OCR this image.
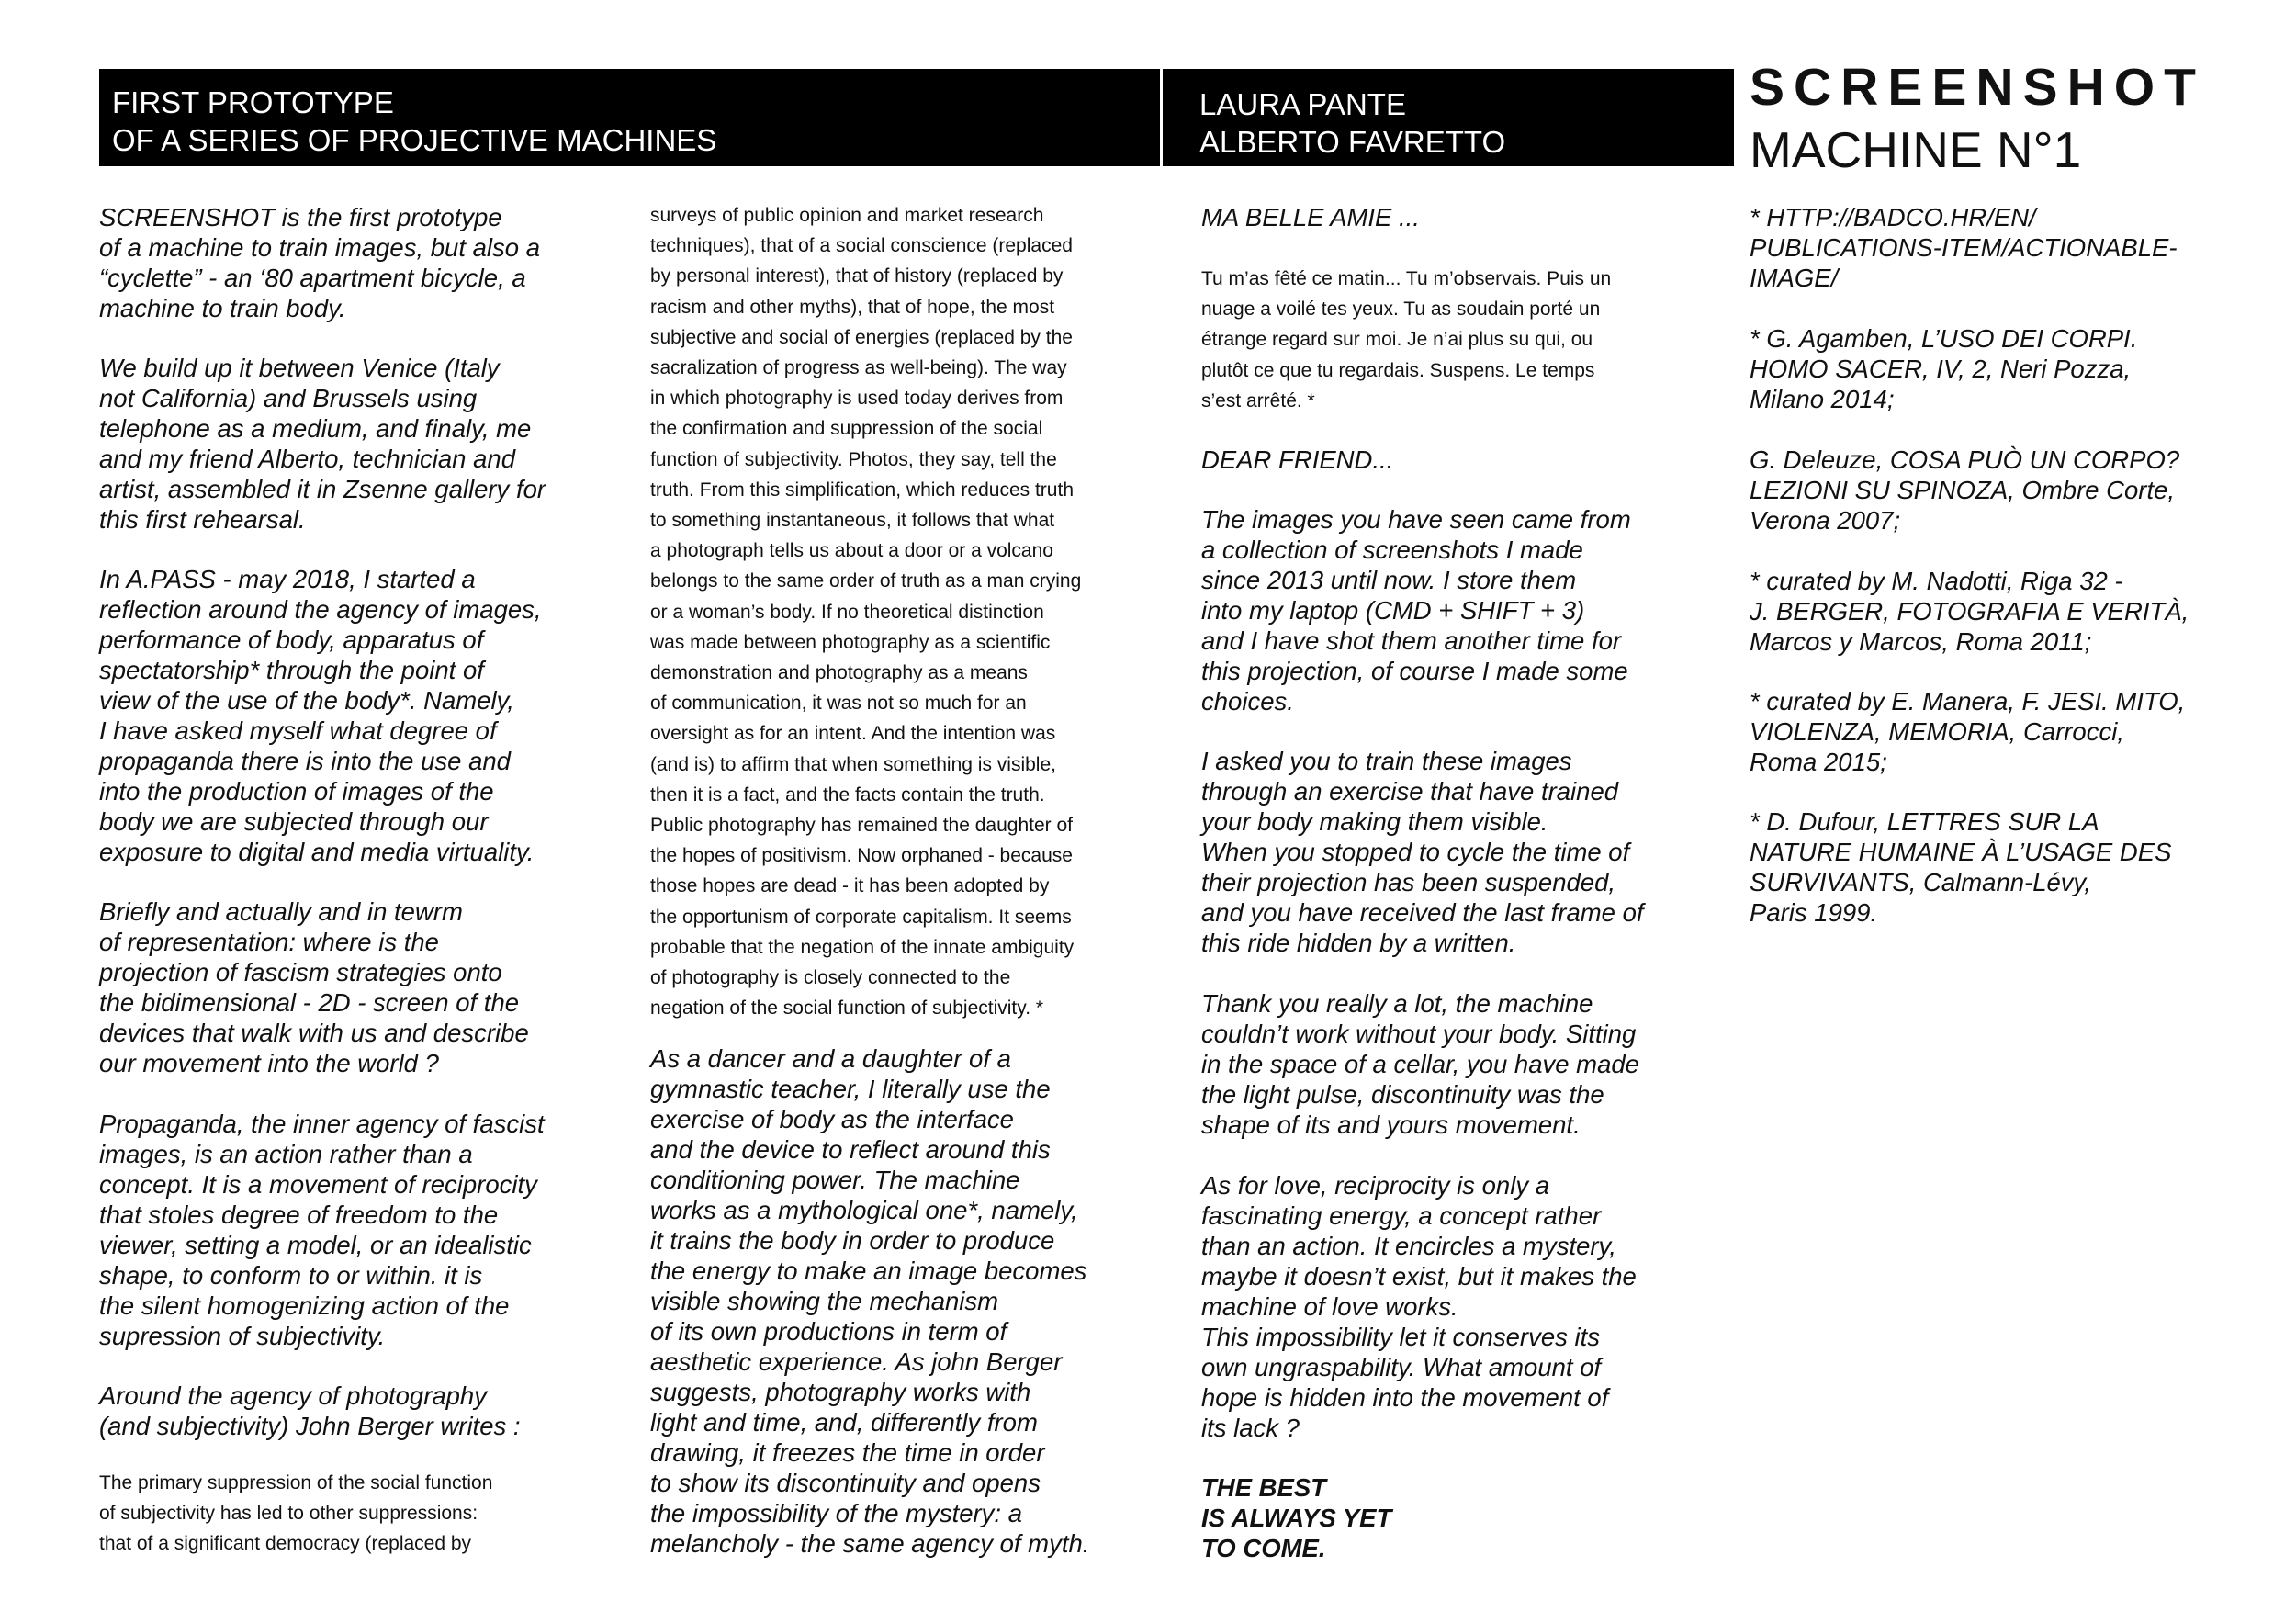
FIRST PROTOTYPE
OF A SERIES OF PROJECTIVE MACHINES
LAURA PANTE
ALBERTO FAVRETTO
SCREENSHOT
MACHINE N°1
SCREENSHOT is the first prototype
of a machine to train images, but also a
“cyclette” - an ‘80 apartment bicycle, a
machine to train body.
We build up it between Venice (Italy
not California) and Brussels using
telephone as a medium, and finaly, me
and my friend Alberto, technician and
artist, assembled it in Zsenne gallery for
this first rehearsal.
In A.PASS - may 2018, I started a
reflection around the agency of images,
performance of body, apparatus of
spectatorship* through the point of
view of the use of the body*. Namely,
I have asked myself what degree of
propaganda there is into the use and
into the production of images of the
body we are subjected through our
exposure to digital and media virtuality.
Briefly and actually and in tewrm
of representation: where is the
projection of fascism strategies onto
the bidimensional - 2D - screen of the
devices that walk with us and describe
our movement into the world ?
Propaganda, the inner agency of fascist
images, is an action rather than a
concept. It is a movement of reciprocity
that stoles degree of freedom to the
viewer, setting a model, or an idealistic
shape, to conform to or within. it is
the silent homogenizing action of the
supression of subjectivity.
Around the agency of photography
(and subjectivity) John Berger writes :
The primary suppression of the social function
of subjectivity has led to other suppressions:
that of a significant democracy (replaced by
surveys of public opinion and market research
techniques), that of a social conscience (replaced
by personal interest), that of history (replaced by
racism and other myths), that of hope, the most
subjective and social of energies (replaced by the
sacralization of progress as well-being). The way
in which photography is used today derives from
the confirmation and suppression of the social
function of subjectivity. Photos, they say, tell the
truth. From this simplification, which reduces truth
to something instantaneous, it follows that what
a photograph tells us about a door or a volcano
belongs to the same order of truth as a man crying
or a woman’s body. If no theoretical distinction
was made between photography as a scientific
demonstration and photography as a means
of communication, it was not so much for an
oversight as for an intent. And the intention was
(and is) to affirm that when something is visible,
then it is a fact, and the facts contain the truth.
Public photography has remained the daughter of
the hopes of positivism. Now orphaned - because
those hopes are dead - it has been adopted by
the opportunism of corporate capitalism. It seems
probable that the negation of the innate ambiguity
of photography is closely connected to the
negation of the social function of subjectivity. *
As a dancer and a daughter of a
gymnastic teacher, I literally use the
exercise of body as the interface
and the device to reflect around this
conditioning power. The machine
works as a mythological one*, namely,
it trains the body in order to produce
the energy to make an image becomes
visible showing the mechanism
of its own productions in term of
aesthetic experience. As john Berger
suggests, photography works with
light and time, and, differently from
drawing, it freezes the time in order
to show its discontinuity and opens
the impossibility of the mystery: a
melancholy - the same agency of myth.
MA BELLE AMIE ...
Tu m’as fêté ce matin... Tu m’observais. Puis un
nuage a voilé tes yeux. Tu as soudain porté un
étrange regard sur moi. Je n’ai plus su qui, ou
plutôt ce que tu regardais. Suspens. Le temps
s’est arrêté. *
DEAR FRIEND...
The images you have seen came from
a collection of screenshots I made
since 2013 until now. I store them
into my laptop (CMD + SHIFT + 3)
and I have shot them another time for
this projection, of course I made some
choices.
I asked you to train these images
through an exercise that have trained
your body making them visible.
When you stopped to cycle the time of
their projection has been suspended,
and you have received the last frame of
this ride hidden by a written.
Thank you really a lot, the machine
couldn’t work without your body. Sitting
in the space of a cellar, you have made
the light pulse, discontinuity was the
shape of its and yours movement.
As for love, reciprocity is only a
fascinating energy, a concept rather
than an action. It encircles a mystery,
maybe it doesn’t exist, but it makes the
machine of love works.
This impossibility let it conserves its
own ungraspability. What amount of
hope is hidden into the movement of
its lack ?
THE BEST
IS ALWAYS YET
TO COME.
* HTTP://BADCO.HR/EN/
PUBLICATIONS-ITEM/ACTIONABLE-
IMAGE/
* G. Agamben, L’USO DEI CORPI.
HOMO SACER, IV, 2, Neri Pozza,
Milano 2014;
G. Deleuze, COSA PUÒ UN CORPO?
LEZIONI SU SPINOZA, Ombre Corte,
Verona 2007;
* curated by M. Nadotti, Riga 32 -
J. BERGER, FOTOGRAFIA E VERITÀ,
Marcos y Marcos, Roma 2011;
* curated by E. Manera, F. JESI. MITO,
VIOLENZA, MEMORIA, Carrocci,
Roma 2015;
* D. Dufour, LETTRES SUR LA
NATURE HUMAINE À L’USAGE DES
SURVIVANTS, Calmann-Lévy,
Paris 1999.
